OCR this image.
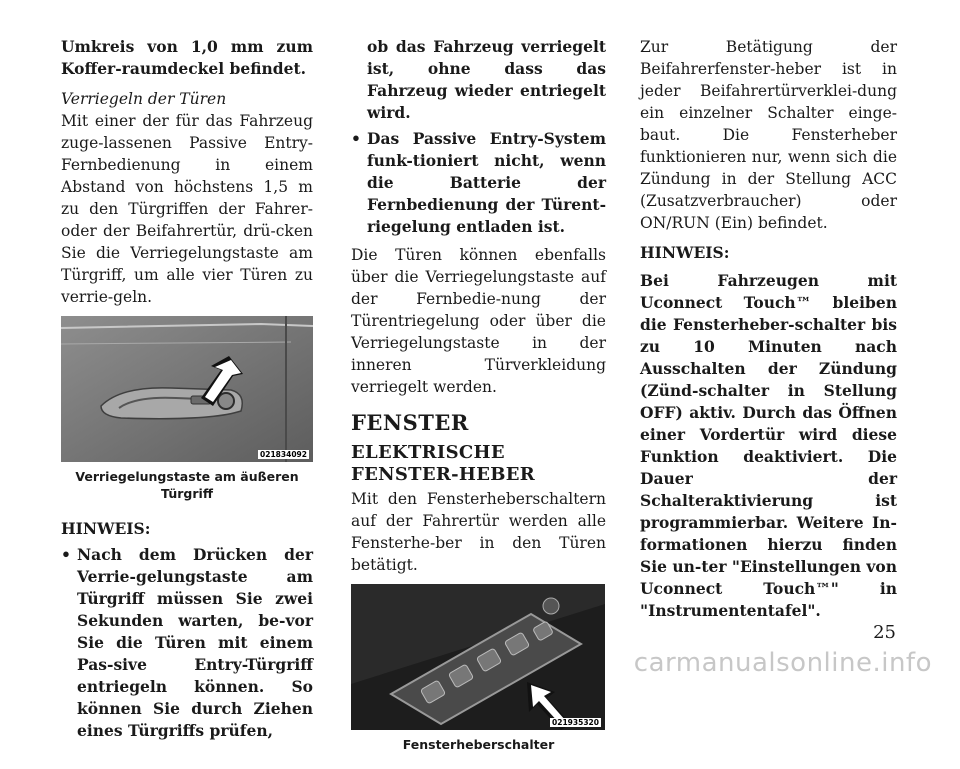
Umkreis von 1,0 mm zum Koffer-raumdeckel befindet.

Verriegeln der Türen

Mit einer der für das Fahrzeug zuge-lassenen Passive Entry-Fernbedienung in einem Abstand von höchstens 1,5 m zu den Türgriffen der Fahrer- oder der Beifahrertür, drü-cken Sie die Verriegelungstaste am Türgriff, um alle vier Türen zu verrie-geln.

021834092

Verriegelungstaste am äußeren Türgriff

HINWEIS:

• Nach dem Drücken der Verrie-gelungstaste am Türgriff müssen Sie zwei Sekunden warten, be-vor Sie die Türen mit einem Pas-sive Entry-Türgriff entriegeln können. So können Sie durch Ziehen eines Türgriffs prüfen,

ob das Fahrzeug verriegelt ist, ohne dass das Fahrzeug wieder entriegelt wird.

• Das Passive Entry-System funk-tioniert nicht, wenn die Batterie der Fernbedienung der Türent-riegelung entladen ist.

Die Türen können ebenfalls über die Verriegelungstaste auf der Fernbedie-nung der Türentriegelung oder über die Verriegelungstaste in der inneren Türverkleidung verriegelt werden.

FENSTER
ELEKTRISCHE FENSTER-HEBER

Mit den Fensterheberschaltern auf der Fahrertür werden alle Fensterhe-ber in den Türen betätigt.

021935320

Fensterheberschalter

Zur Betätigung der Beifahrerfenster-heber ist in jeder Beifahrertürverklei-dung ein einzelner Schalter einge-baut. Die Fensterheber funktionieren nur, wenn sich die Zündung in der Stellung ACC (Zusatzverbraucher) oder ON/RUN (Ein) befindet.

HINWEIS:

Bei Fahrzeugen mit Uconnect Touch™ bleiben die Fensterheber-schalter bis zu 10 Minuten nach Ausschalten der Zündung (Zünd-schalter in Stellung OFF) aktiv. Durch das Öffnen einer Vordertür wird diese Funktion deaktiviert. Die Dauer der Schalteraktivierung ist programmierbar. Weitere In-formationen hierzu finden Sie un-ter "Einstellungen von Uconnect Touch™" in "Instrumententafel".

25
carmanualsonline.info
